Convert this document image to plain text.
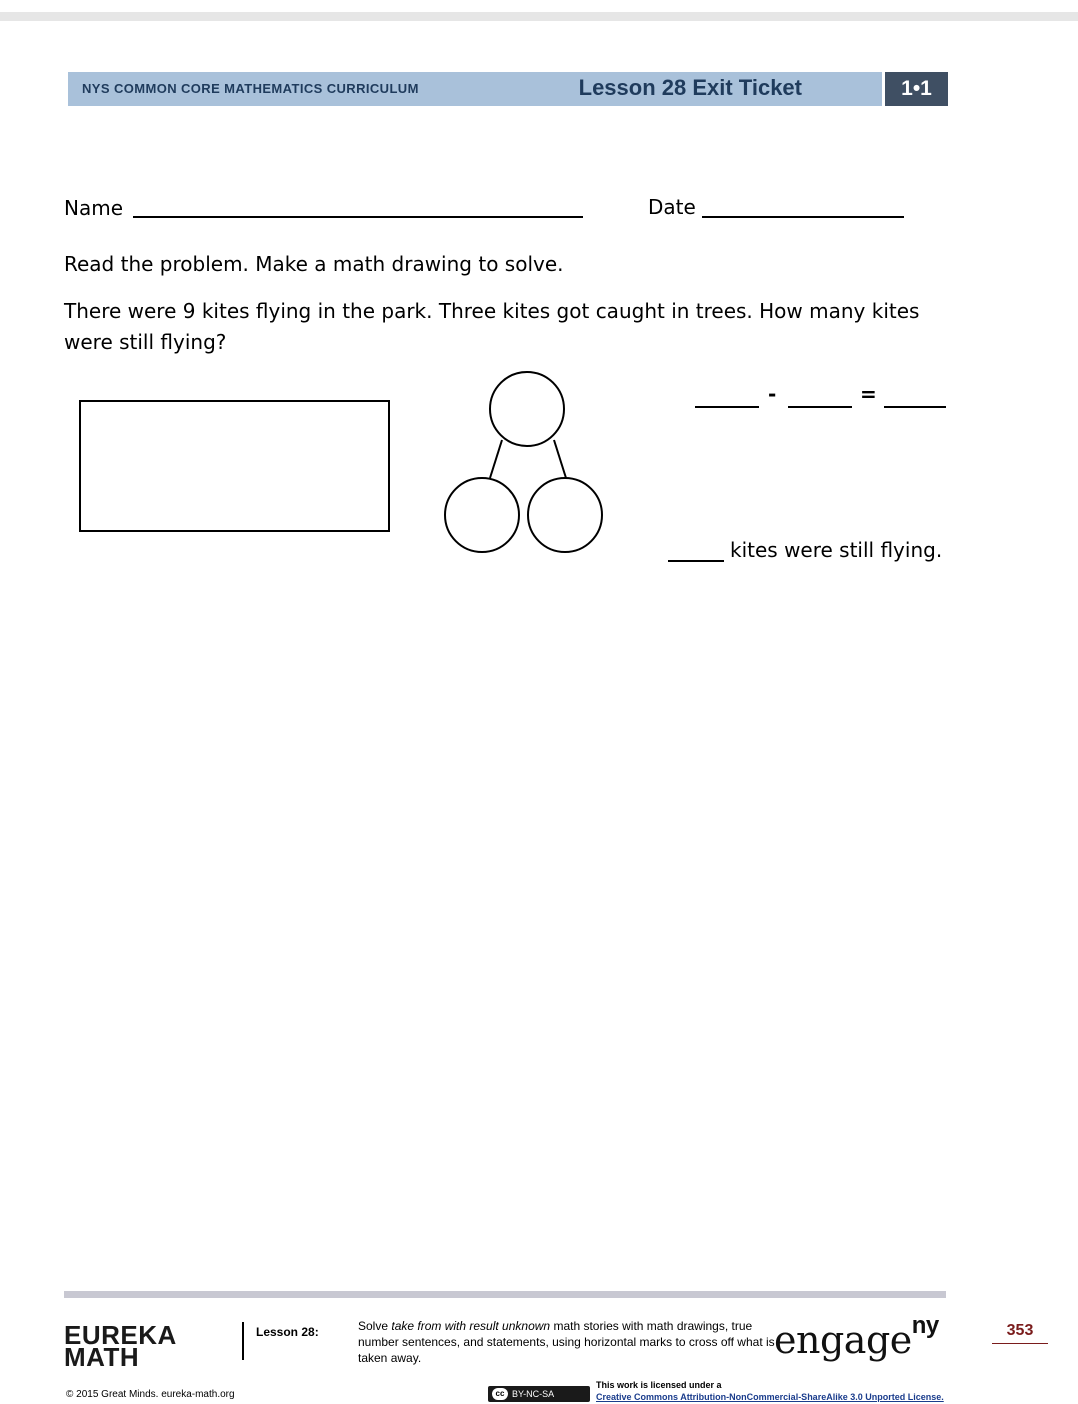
NYS COMMON CORE MATHEMATICS CURRICULUM	Lesson 28 Exit Ticket	1•1
Name	Date
Read the problem. Make a math drawing to solve.
There were 9 kites flying in the park. Three kites got caught in trees. How many kites
were still flying?
-	=
kites were still flying.
EUREKA
MATH
Lesson 28:	Solve take from with result unknown math stories with math drawings, true number sentences, and statements, using horizontal marks to cross off what is taken away.	engage$^{ny}$	353
© 2015 Great Minds. eureka-math.org	cc BY-NC-SA
This work is licensed under a
Creative Commons Attribution-NonCommercial-ShareAlike 3.0 Unported License.
